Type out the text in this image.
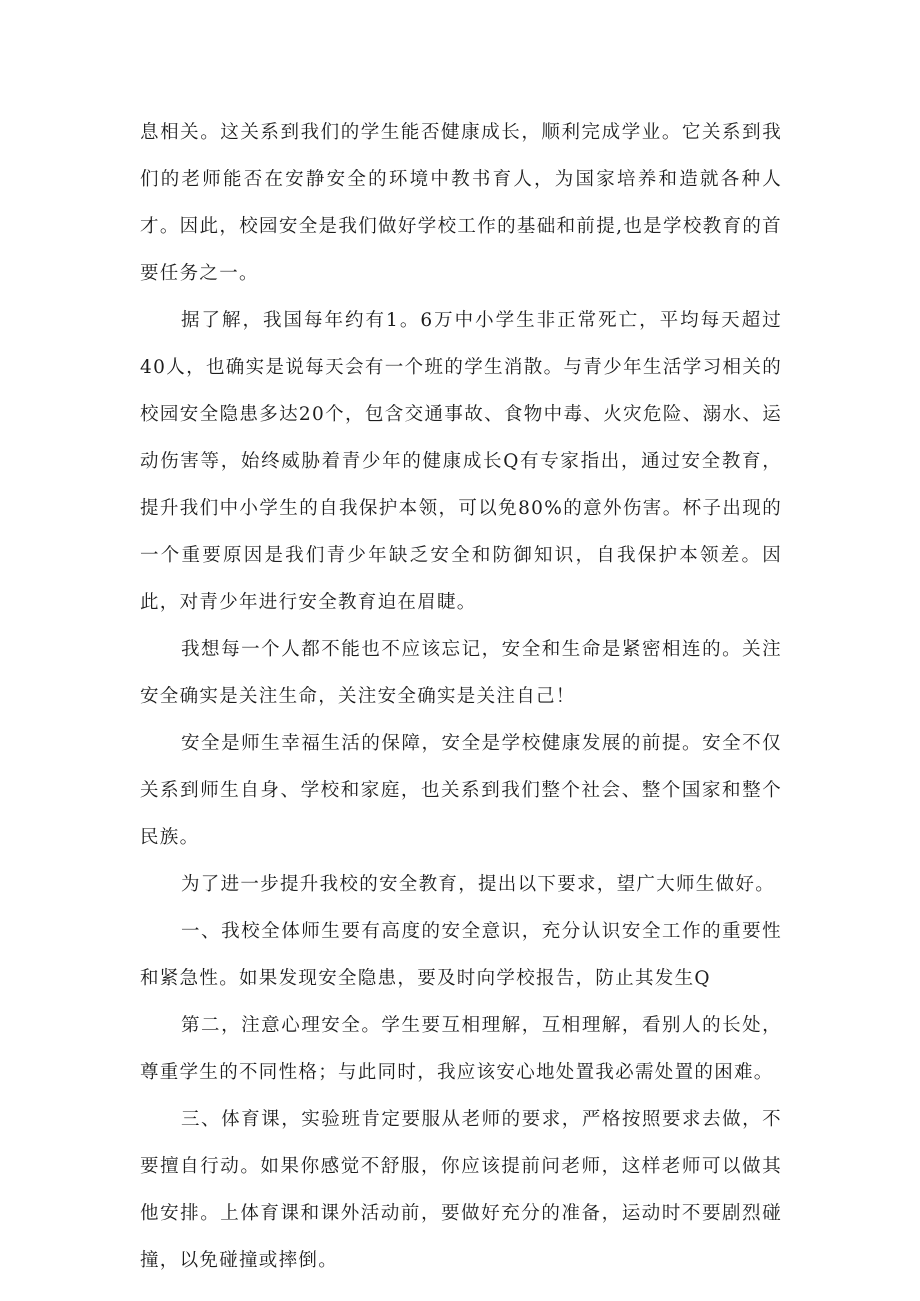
息相关。这关系到我们的学生能否健康成长，顺利完成学业。它关系到我们的老师能否在安静安全的环境中教书育人，为国家培养和造就各种人才。因此，校园安全是我们做好学校工作的基础和前提,也是学校教育的首要任务之一。

据了解，我国每年约有1。6万中小学生非正常死亡，平均每天超过40人，也确实是说每天会有一个班的学生消散。与青少年生活学习相关的校园安全隐患多达20个，包含交通事故、食物中毒、火灾危险、溺水、运动伤害等，始终威胁着青少年的健康成长Q有专家指出，通过安全教育，提升我们中小学生的自我保护本领，可以免80%的意外伤害。杯子出现的一个重要原因是我们青少年缺乏安全和防御知识，自我保护本领差。因此，对青少年进行安全教育迫在眉睫。

我想每一个人都不能也不应该忘记，安全和生命是紧密相连的。关注安全确实是关注生命，关注安全确实是关注自己！

安全是师生幸福生活的保障，安全是学校健康发展的前提。安全不仅关系到师生自身、学校和家庭，也关系到我们整个社会、整个国家和整个民族。

为了进一步提升我校的安全教育，提出以下要求，望广大师生做好。

一、我校全体师生要有高度的安全意识，充分认识安全工作的重要性和紧急性。如果发现安全隐患，要及时向学校报告，防止其发生Q

第二，注意心理安全。学生要互相理解，互相理解，看别人的长处，尊重学生的不同性格；与此同时，我应该安心地处置我必需处置的困难。

三、体育课，实验班肯定要服从老师的要求，严格按照要求去做，不要擅自行动。如果你感觉不舒服，你应该提前问老师，这样老师可以做其他安排。上体育课和课外活动前，要做好充分的准备，运动时不要剧烈碰撞，以免碰撞或摔倒。
